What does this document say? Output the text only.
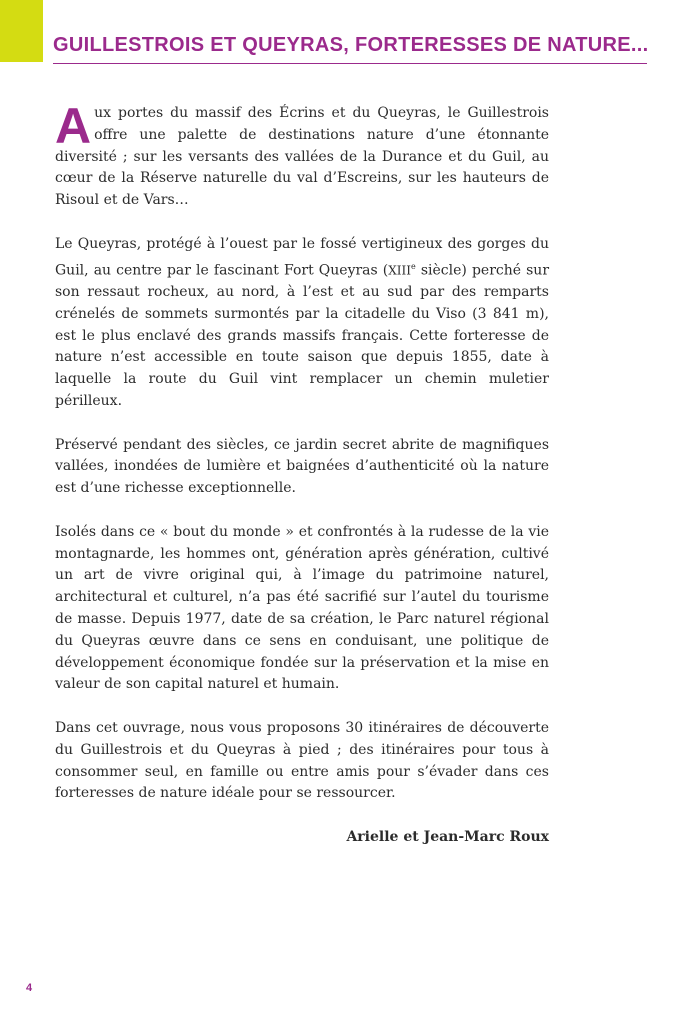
GUILLESTROIS ET QUEYRAS, FORTERESSES DE NATURE...

Aux portes du massif des Écrins et du Queyras, le Guillestrois offre une palette de destinations nature d’une étonnante diversité ; sur les versants des vallées de la Durance et du Guil, au cœur de la Réserve naturelle du val d’Escreins, sur les hauteurs de Risoul et de Vars…

Le Queyras, protégé à l’ouest par le fossé vertigineux des gorges du Guil, au centre par le fascinant Fort Queyras (XIIIe siècle) perché sur son ressaut rocheux, au nord, à l’est et au sud par des remparts crénelés de sommets surmontés par la citadelle du Viso (3 841 m), est le plus enclavé des grands massifs français. Cette forteresse de nature n’est accessible en toute saison que depuis 1855, date à laquelle la route du Guil vint remplacer un chemin muletier périlleux.

Préservé pendant des siècles, ce jardin secret abrite de magnifiques vallées, inondées de lumière et baignées d’authenticité où la nature est d’une richesse exceptionnelle.

Isolés dans ce « bout du monde » et confrontés à la rudesse de la vie montagnarde, les hommes ont, génération après génération, cultivé un art de vivre original qui, à l’image du patrimoine naturel, architectural et culturel, n’a pas été sacrifié sur l’autel du tourisme de masse. Depuis 1977, date de sa création, le Parc naturel régional du Queyras œuvre dans ce sens en conduisant, une politique de développement économique fondée sur la préservation et la mise en valeur de son capital naturel et humain.

Dans cet ouvrage, nous vous proposons 30 itinéraires de découverte du Guillestrois et du Queyras à pied ; des itinéraires pour tous à consommer seul, en famille ou entre amis pour s’évader dans ces forteresses de nature idéale pour se ressourcer.

Arielle et Jean-Marc Roux

4
